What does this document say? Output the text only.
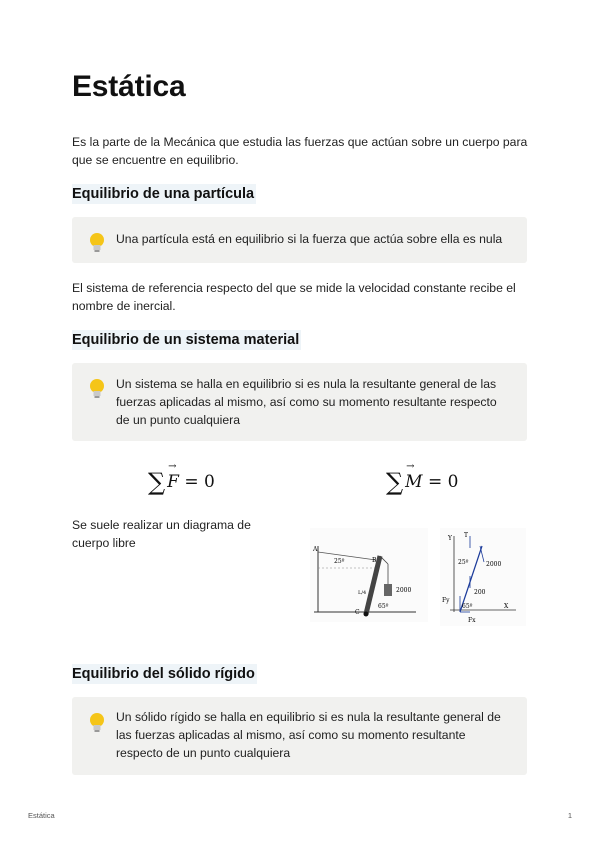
Estática

Es la parte de la Mecánica que estudia las fuerzas que actúan sobre un cuerpo para que se encuentre en equilibrio.

Equilibrio de una partícula
Una partícula está en equilibrio si la fuerza que actúa sobre ella es nula

El sistema de referencia respecto del que se mide la velocidad constante recibe el nombre de inercial.

Equilibrio de un sistema material
Un sistema se halla en equilibrio si es nula la resultante general de las fuerzas aplicadas al mismo, así como su momento resultante respecto de un punto cualquiera
∑ → F = 0	∑ → M = 0

Se suele realizar un diagrama de cuerpo libre	A
B
C
25º
2000
65º
L/4
Y
X
T
Fy
Fx
25º	2000
200
65º
Equilibrio del sólido rígido
Un sólido rígido se halla en equilibrio si es nula la resultante general de las fuerzas aplicadas al mismo, así como su momento resultante respecto de un punto cualquiera
Estática	1
